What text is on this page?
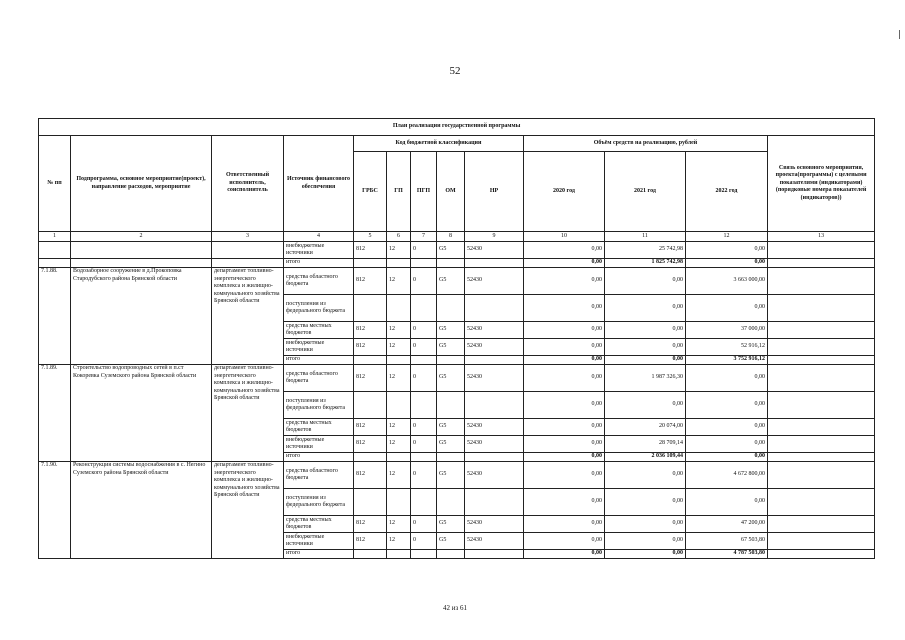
52
План реализации государственной программы												
№ пп	Подпрограмма, основное мероприятие(проект), направление расходов, мероприятие	Ответственный исполнитель, соисполнитель	Источник финансового обеспечения	Код бюджетной классификации					Объём средств на реализацию, рублей			Связь основного мероприятия, проекта(программы) с целевыми показателями (индикаторами) (порядковые номера показателей (индикаторов))
				ГРБС	ГП	ПГП	ОМ	НР	2020 год	2021 год	2022 год	
1	2	3	4	5	6	7	8	9	10	11	12	13
			внебюджетные источники	812	12	0	G5	52430	0,00	25 742,98	0,00	
			итого						0,00	1 825 742,98	0,00	
7.1.88.	Водозаборное сооружение в д.Прокоповка Стародубского района Брянской области	департамент топливно-энергетического комплекса и жилищно-коммунального хозяйства Брянской области	средства областного бюджета	812	12	0	G5	52430	0,00	0,00	3 663 000,00	
			поступления из федерального бюджета						0,00	0,00	0,00	
			средства местных бюджетов	812	12	0	G5	52430	0,00	0,00	37 000,00	
			внебюджетные источники	812	12	0	G5	52430	0,00	0,00	52 916,12	
			итого						0,00	0,00	3 752 916,12	
7.1.89.	Строительство водопроводных сетей в п.ст Кокоревка Суземского района Брянской области	департамент топливно-энергетического комплекса и жилищно-коммунального хозяйства Брянской области	средства областного бюджета	812	12	0	G5	52430	0,00	1 987 326,30	0,00	
			поступления из федерального бюджета						0,00	0,00	0,00	
			средства местных бюджетов	812	12	0	G5	52430	0,00	20 074,00	0,00	
			внебюджетные источники	812	12	0	G5	52430	0,00	28 709,14	0,00	
			итого						0,00	2 036 109,44	0,00	
7.1.90.	Реконструкция системы водоснабжения в с. Негино Суземского района Брянской области	департамент топливно-энергетического комплекса и жилищно-коммунального хозяйства Брянской области	средства областного бюджета	812	12	0	G5	52430	0,00	0,00	4 672 800,00	
			поступления из федерального бюджета						0,00	0,00	0,00	
			средства местных бюджетов	812	12	0	G5	52430	0,00	0,00	47 200,00	
			внебюджетные источники	812	12	0	G5	52430	0,00	0,00	67 503,80	
			итого						0,00	0,00	4 787 503,80	
42 из 61
